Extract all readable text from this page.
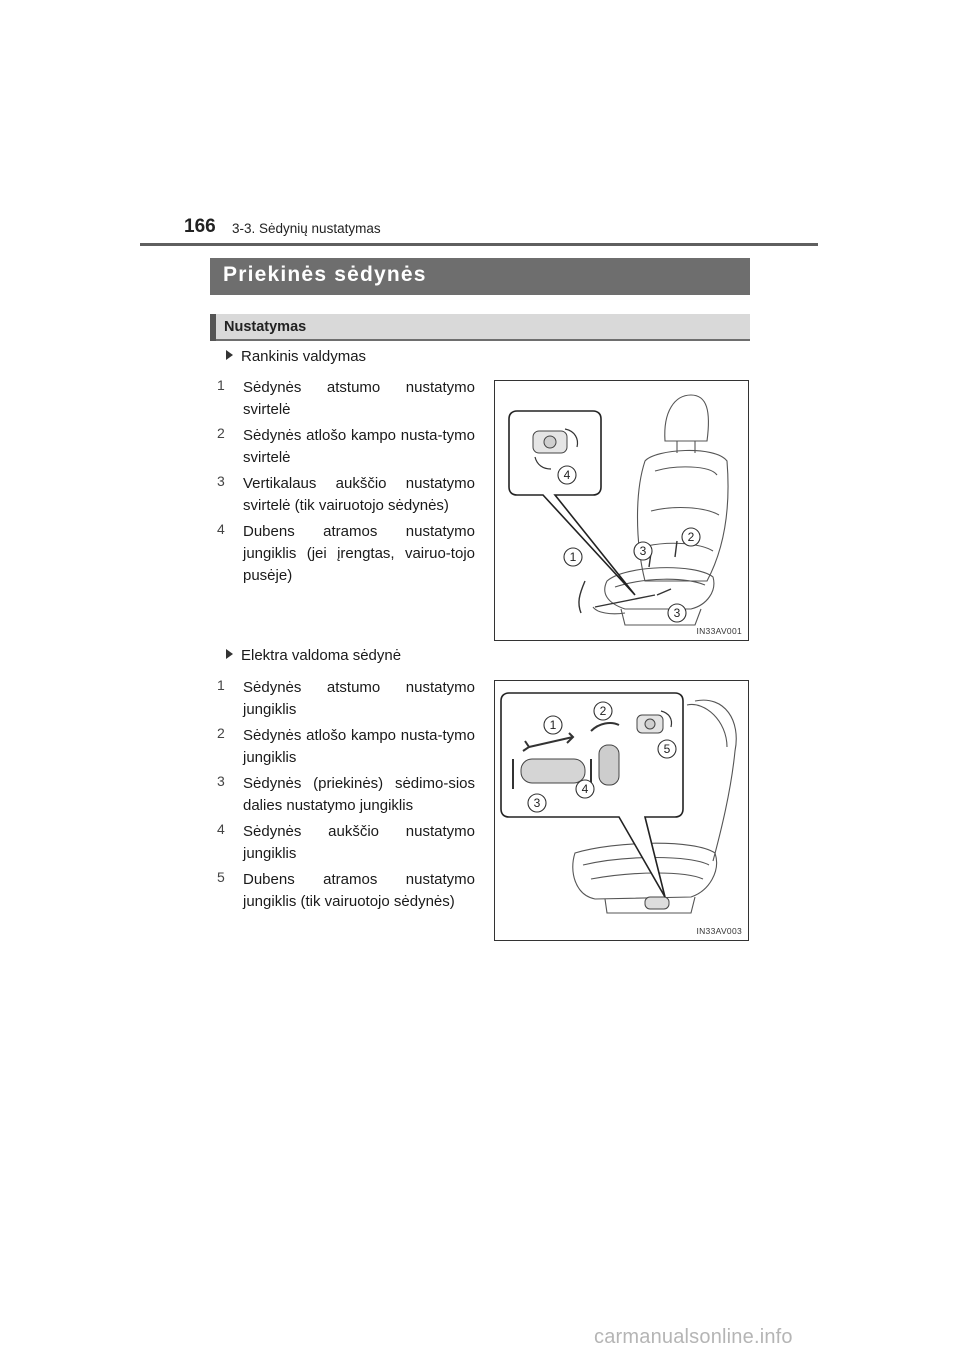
166 3-3. Sėdynių nustatymas
Priekinės sėdynės
Nustatymas
Rankinis valdymas
1	Sėdynės atstumo nustatymo svirtelė
2	Sėdynės atlošo kampo nusta-tymo svirtelė
3	Vertikalaus aukščio nustatymo svirtelė (tik vairuotojo sėdynės)
4	Dubens atramos nustatymo jungiklis (jei įrengtas, vairuo-tojo pusėje)
4
1	3
2
3
IN33AV001
Elektra valdoma sėdynė
1	Sėdynės atstumo nustatymo jungiklis
2	Sėdynės atlošo kampo nusta-tymo jungiklis
3	Sėdynės (priekinės) sėdimo-sios dalies nustatymo jungiklis
4	Sėdynės aukščio nustatymo jungiklis
5	Dubens atramos nustatymo jungiklis (tik vairuotojo sėdynės)
1
2
3
4
5
IN33AV003
carmanualsonline.info
